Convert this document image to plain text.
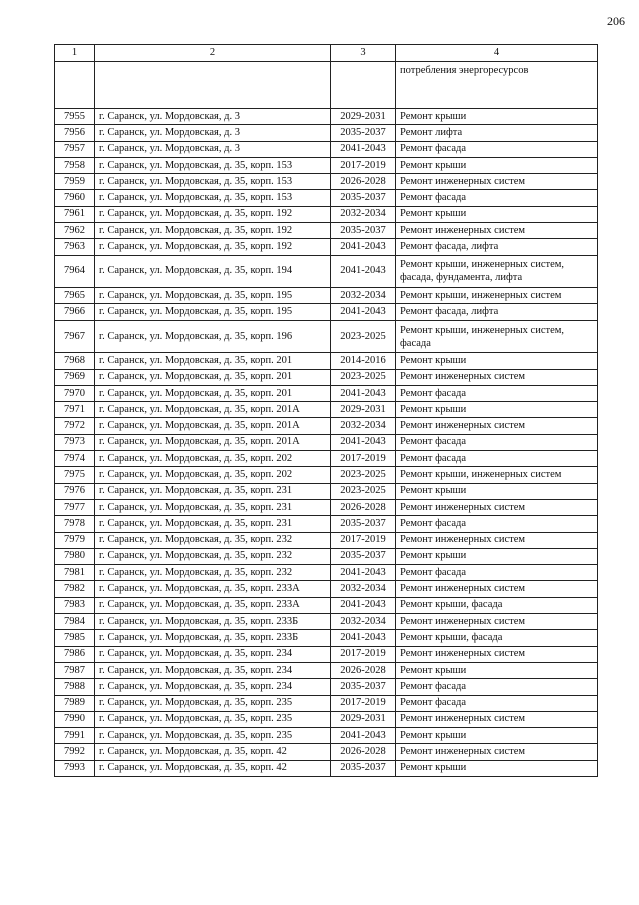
206
1	2	3	4
			потребления энергоресурсов
7955	г. Саранск, ул. Мордовская, д. 3	2029-2031	Ремонт крыши
7956	г. Саранск, ул. Мордовская, д. 3	2035-2037	Ремонт лифта
7957	г. Саранск, ул. Мордовская, д. 3	2041-2043	Ремонт фасада
7958	г. Саранск, ул. Мордовская, д. 35, корп. 153	2017-2019	Ремонт крыши
7959	г. Саранск, ул. Мордовская, д. 35, корп. 153	2026-2028	Ремонт инженерных систем
7960	г. Саранск, ул. Мордовская, д. 35, корп. 153	2035-2037	Ремонт фасада
7961	г. Саранск, ул. Мордовская, д. 35, корп. 192	2032-2034	Ремонт крыши
7962	г. Саранск, ул. Мордовская, д. 35, корп. 192	2035-2037	Ремонт инженерных систем
7963	г. Саранск, ул. Мордовская, д. 35, корп. 192	2041-2043	Ремонт фасада, лифта
7964	г. Саранск, ул. Мордовская, д. 35, корп. 194	2041-2043	Ремонт крыши, инженерных систем, фасада, фундамента, лифта
7965	г. Саранск, ул. Мордовская, д. 35, корп. 195	2032-2034	Ремонт крыши, инженерных систем
7966	г. Саранск, ул. Мордовская, д. 35, корп. 195	2041-2043	Ремонт фасада, лифта
7967	г. Саранск, ул. Мордовская, д. 35, корп. 196	2023-2025	Ремонт крыши, инженерных систем, фасада
7968	г. Саранск, ул. Мордовская, д. 35, корп. 201	2014-2016	Ремонт крыши
7969	г. Саранск, ул. Мордовская, д. 35, корп. 201	2023-2025	Ремонт инженерных систем
7970	г. Саранск, ул. Мордовская, д. 35, корп. 201	2041-2043	Ремонт фасада
7971	г. Саранск, ул. Мордовская, д. 35, корп. 201А	2029-2031	Ремонт крыши
7972	г. Саранск, ул. Мордовская, д. 35, корп. 201А	2032-2034	Ремонт инженерных систем
7973	г. Саранск, ул. Мордовская, д. 35, корп. 201А	2041-2043	Ремонт фасада
7974	г. Саранск, ул. Мордовская, д. 35, корп. 202	2017-2019	Ремонт фасада
7975	г. Саранск, ул. Мордовская, д. 35, корп. 202	2023-2025	Ремонт крыши, инженерных систем
7976	г. Саранск, ул. Мордовская, д. 35, корп. 231	2023-2025	Ремонт крыши
7977	г. Саранск, ул. Мордовская, д. 35, корп. 231	2026-2028	Ремонт инженерных систем
7978	г. Саранск, ул. Мордовская, д. 35, корп. 231	2035-2037	Ремонт фасада
7979	г. Саранск, ул. Мордовская, д. 35, корп. 232	2017-2019	Ремонт инженерных систем
7980	г. Саранск, ул. Мордовская, д. 35, корп. 232	2035-2037	Ремонт крыши
7981	г. Саранск, ул. Мордовская, д. 35, корп. 232	2041-2043	Ремонт фасада
7982	г. Саранск, ул. Мордовская, д. 35, корп. 233А	2032-2034	Ремонт инженерных систем
7983	г. Саранск, ул. Мордовская, д. 35, корп. 233А	2041-2043	Ремонт крыши, фасада
7984	г. Саранск, ул. Мордовская, д. 35, корп. 233Б	2032-2034	Ремонт инженерных систем
7985	г. Саранск, ул. Мордовская, д. 35, корп. 233Б	2041-2043	Ремонт крыши, фасада
7986	г. Саранск, ул. Мордовская, д. 35, корп. 234	2017-2019	Ремонт инженерных систем
7987	г. Саранск, ул. Мордовская, д. 35, корп. 234	2026-2028	Ремонт крыши
7988	г. Саранск, ул. Мордовская, д. 35, корп. 234	2035-2037	Ремонт фасада
7989	г. Саранск, ул. Мордовская, д. 35, корп. 235	2017-2019	Ремонт фасада
7990	г. Саранск, ул. Мордовская, д. 35, корп. 235	2029-2031	Ремонт инженерных систем
7991	г. Саранск, ул. Мордовская, д. 35, корп. 235	2041-2043	Ремонт крыши
7992	г. Саранск, ул. Мордовская, д. 35, корп. 42	2026-2028	Ремонт инженерных систем
7993	г. Саранск, ул. Мордовская, д. 35, корп. 42	2035-2037	Ремонт крыши
